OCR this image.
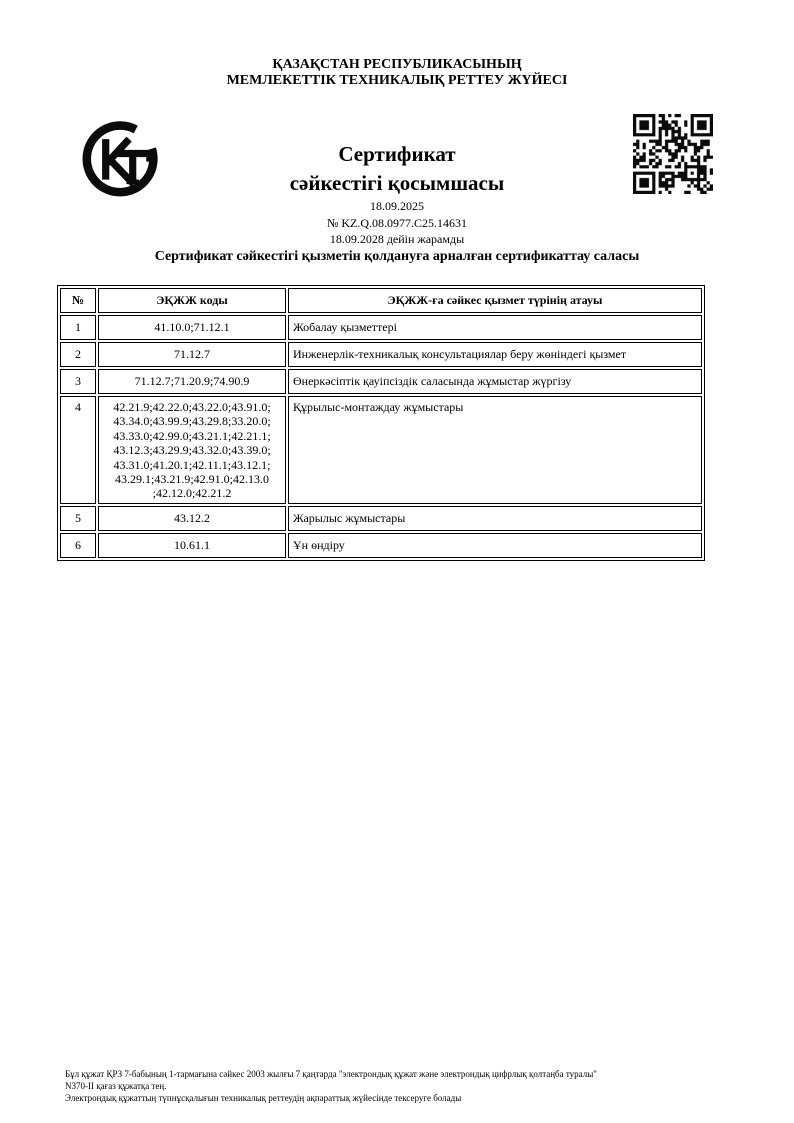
ҚАЗАҚСТАН РЕСПУБЛИКАСЫНЫҢ
МЕМЛЕКЕТТІК ТЕХНИКАЛЫҚ РЕТТЕУ ЖҮЙЕСІ
Сертификат
сәйкестігі қосымшасы
18.09.2025
№ KZ.Q.08.0977.C25.14631
18.09.2028 дейін жарамды
Сертификат сәйкестігі қызметін қолдануға арналған сертификаттау саласы
№	ЭҚЖЖ коды	ЭҚЖЖ-ға сәйкес қызмет түрінің атауы
1	41.10.0;71.12.1	Жобалау қызметтері
2	71.12.7	Инженерлік-техникалық консультациялар беру жөніндегі қызмет
3	71.12.7;71.20.9;74.90.9	Өнеркәсіптік қауіпсіздік саласында жұмыстар жүргізу
4	42.21.9;42.22.0;43.22.0;43.91.0;
43.34.0;43.99.9;43.29.8;33.20.0;
43.33.0;42.99.0;43.21.1;42.21.1;
43.12.3;43.29.9;43.32.0;43.39.0;
43.31.0;41.20.1;42.11.1;43.12.1;
43.29.1;43.21.9;42.91.0;42.13.0
;42.12.0;42.21.2
	Құрылыс-монтаждау жұмыстары
5	43.12.2	Жарылыс жұмыстары
6	10.61.1	Ұн өндіру
Бұл құжат ҚРЗ 7-бабының 1-тармағына сәйкес 2003 жылғы 7 қаңтарда "электрондық құжат және электрондық цифрлық қолтаңба туралы"
N370-II қағаз құжатқа тең.
Электрондық құжаттың түпнұсқалығын техникалық реттеудің ақпараттық жүйесінде тексеруге болады
